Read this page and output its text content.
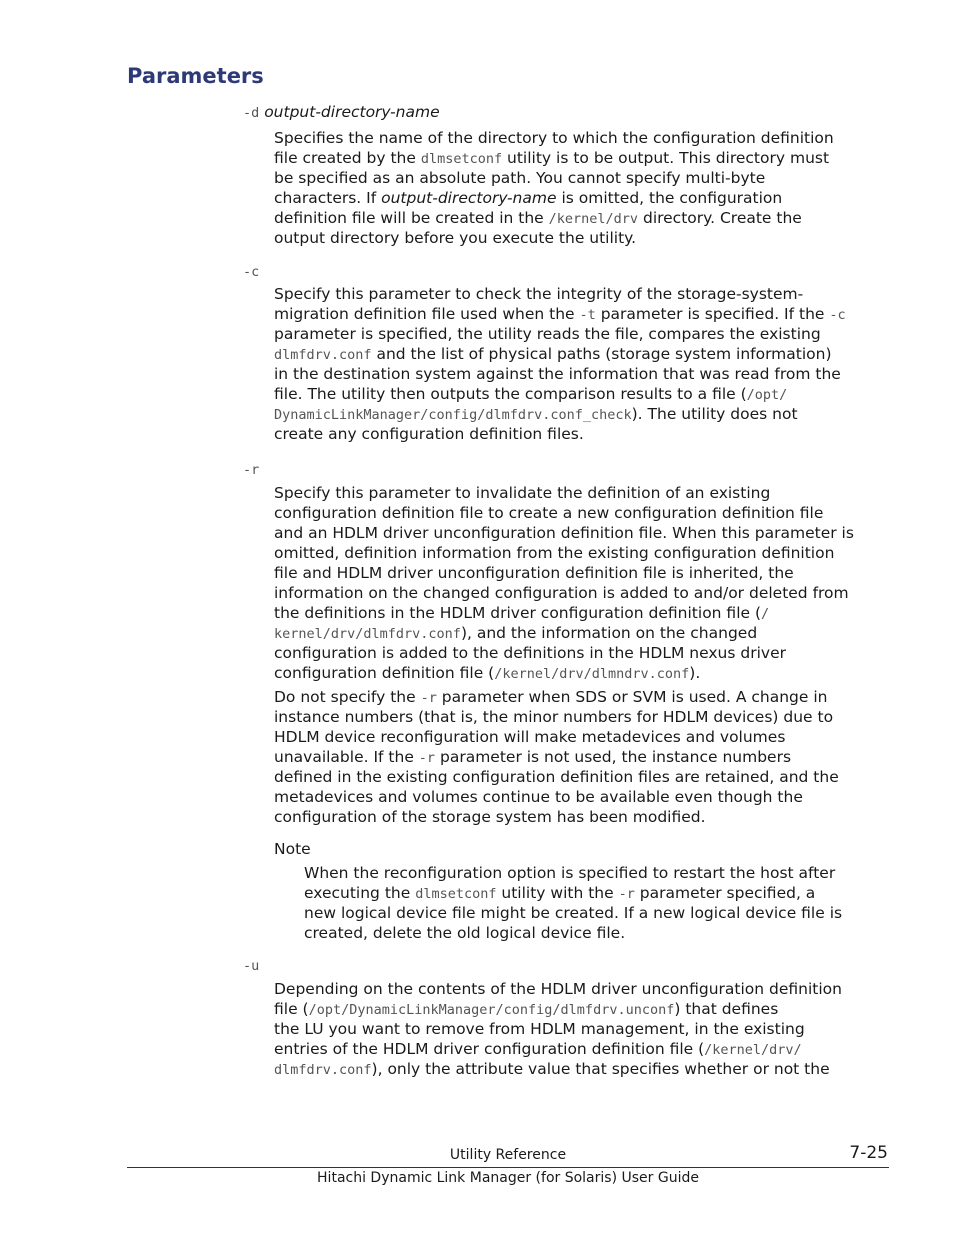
Parameters
-d output-directory-name
Specifies the name of the directory to which the configuration definition
file created by the dlmsetconf utility is to be output. This directory must
be specified as an absolute path. You cannot specify multi-byte
characters. If output-directory-name is omitted, the configuration
definition file will be created in the /kernel/drv directory. Create the
output directory before you execute the utility.
-c
Specify this parameter to check the integrity of the storage-system-
migration definition file used when the -t parameter is specified. If the -c
parameter is specified, the utility reads the file, compares the existing
dlmfdrv.conf and the list of physical paths (storage system information)
in the destination system against the information that was read from the
file. The utility then outputs the comparison results to a file (/opt/
DynamicLinkManager/config/dlmfdrv.conf_check). The utility does not
create any configuration definition files.
-r
Specify this parameter to invalidate the definition of an existing
configuration definition file to create a new configuration definition file
and an HDLM driver unconfiguration definition file. When this parameter is
omitted, definition information from the existing configuration definition
file and HDLM driver unconfiguration definition file is inherited, the
information on the changed configuration is added to and/or deleted from
the definitions in the HDLM driver configuration definition file (/
kernel/drv/dlmfdrv.conf), and the information on the changed
configuration is added to the definitions in the HDLM nexus driver
configuration definition file (/kernel/drv/dlmndrv.conf).
Do not specify the -r parameter when SDS or SVM is used. A change in
instance numbers (that is, the minor numbers for HDLM devices) due to
HDLM device reconfiguration will make metadevices and volumes
unavailable. If the -r parameter is not used, the instance numbers
defined in the existing configuration definition files are retained, and the
metadevices and volumes continue to be available even though the
configuration of the storage system has been modified.
Note
When the reconfiguration option is specified to restart the host after
executing the dlmsetconf utility with the -r parameter specified, a
new logical device file might be created. If a new logical device file is
created, delete the old logical device file.
-u
Depending on the contents of the HDLM driver unconfiguration definition
file (/opt/DynamicLinkManager/config/dlmfdrv.unconf) that defines
the LU you want to remove from HDLM management, in the existing
entries of the HDLM driver configuration definition file (/kernel/drv/
dlmfdrv.conf), only the attribute value that specifies whether or not the
Utility Reference	7-25
Hitachi Dynamic Link Manager (for Solaris) User Guide
